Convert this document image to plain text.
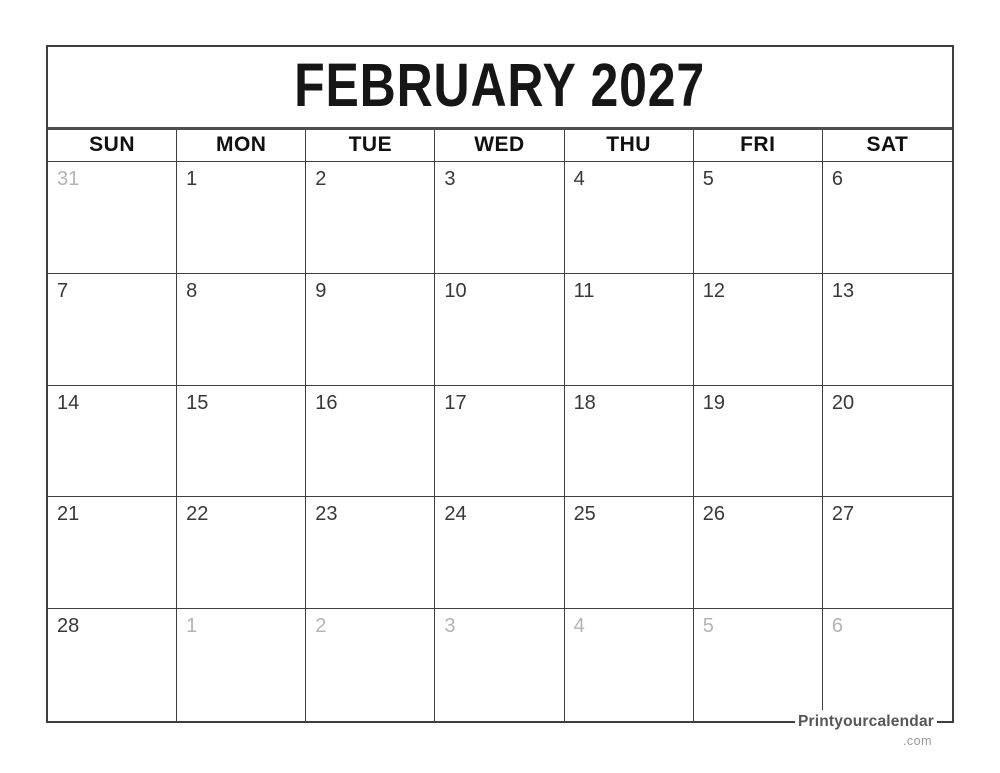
FEBRUARY 2027
SUN	MON	TUE	WED	THU	FRI	SAT
31	1	2	3	4	5	6
7	8	9	10	11	12	13
14	15	16	17	18	19	20
21	22	23	24	25	26	27
28	1	2	3	4	5	6
Printyourcalendar
.com
